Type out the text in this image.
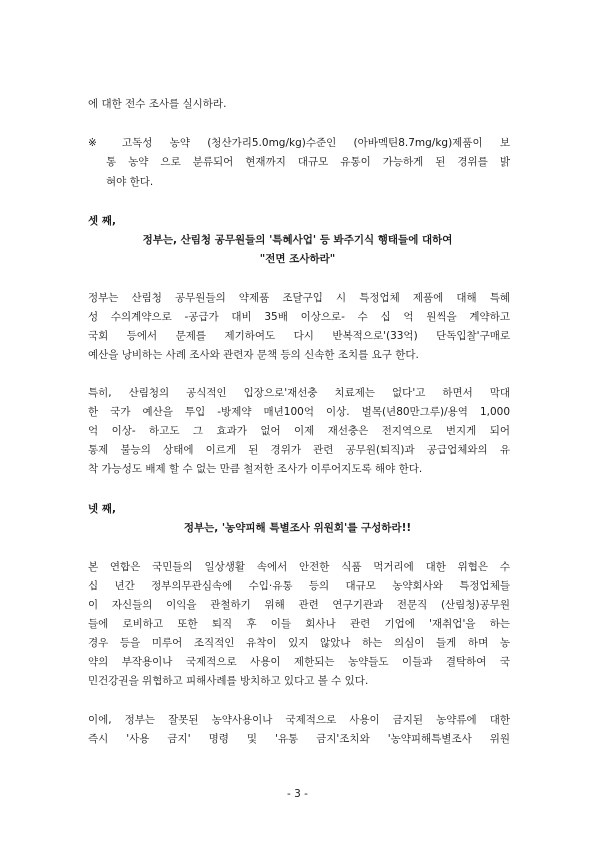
에 대한 전수 조사를 실시하라.
※	고독성 농약 (청산가리5.0mg/kg)수준인 (아바멕틴8.7mg/kg)제품이 보
통 농약 으로 분류되어 현재까지 대규모 유통이 가능하게 된 경위를 밝
혀야 한다.
셋 째,
정부는, 산림청 공무원들의 '특혜사업' 등 봐주기식 행태들에 대하여
"전면 조사하라"
정부는 산림청 공무원들의 약제품 조달구입 시 특정업체 제품에 대해 특혜
성 수의계약으로 -공급가 대비 35배 이상으로- 수 십 억 원씩을 계약하고
국회 등에서 문제를 제기하여도 다시 반복적으로'(33억) 단독입찰'구매로
예산을 낭비하는 사례 조사와 관련자 문책 등의 신속한 조치를 요구 한다.
특히, 산림청의 공식적인 입장으로'재선충 치료제는 없다'고 하면서 막대
한 국가 예산을 투입 -방제약 매년100억 이상. 벌목(년80만그루)/용역 1,000
억 이상- 하고도 그 효과가 없어 이제 재선충은 전지역으로 번지게 되어
통제 불능의 상태에 이르게 된 경위가 관련 공무원(퇴직)과 공급업체와의 유
착 가능성도 배제 할 수 없는 만큼 철저한 조사가 이루어지도록 해야 한다.
넷 째,
정부는, '농약피해 특별조사 위원회'를 구성하라!!
본 연합은 국민들의 일상생활 속에서 안전한 식품 먹거리에 대한 위협은 수
십 년간 정부의무관심속에 수입·유통 등의 대규모 농약회사와 특정업체들
이 자신들의 이익을 관철하기 위해 관련 연구기관과 전문직 (산림청)공무원
들에 로비하고 또한 퇴직 후 이들 회사나 관련 기업에 '재취업'을 하는
경우 등을 미루어 조직적인 유착이 있지 않았나 하는 의심이 들게 하며 농
약의 부작용이나 국제적으로 사용이 제한되는 농약들도 이들과 결탁하여 국
민건강권을 위협하고 피해사례를 방치하고 있다고 볼 수 있다.
이에, 정부는 잘못된 농약사용이나 국제적으로 사용이 금지된 농약류에 대한
즉시 '사용 금지' 명령 및 '유통 금지'조치와 '농약피해특별조사 위원
- 3 -
